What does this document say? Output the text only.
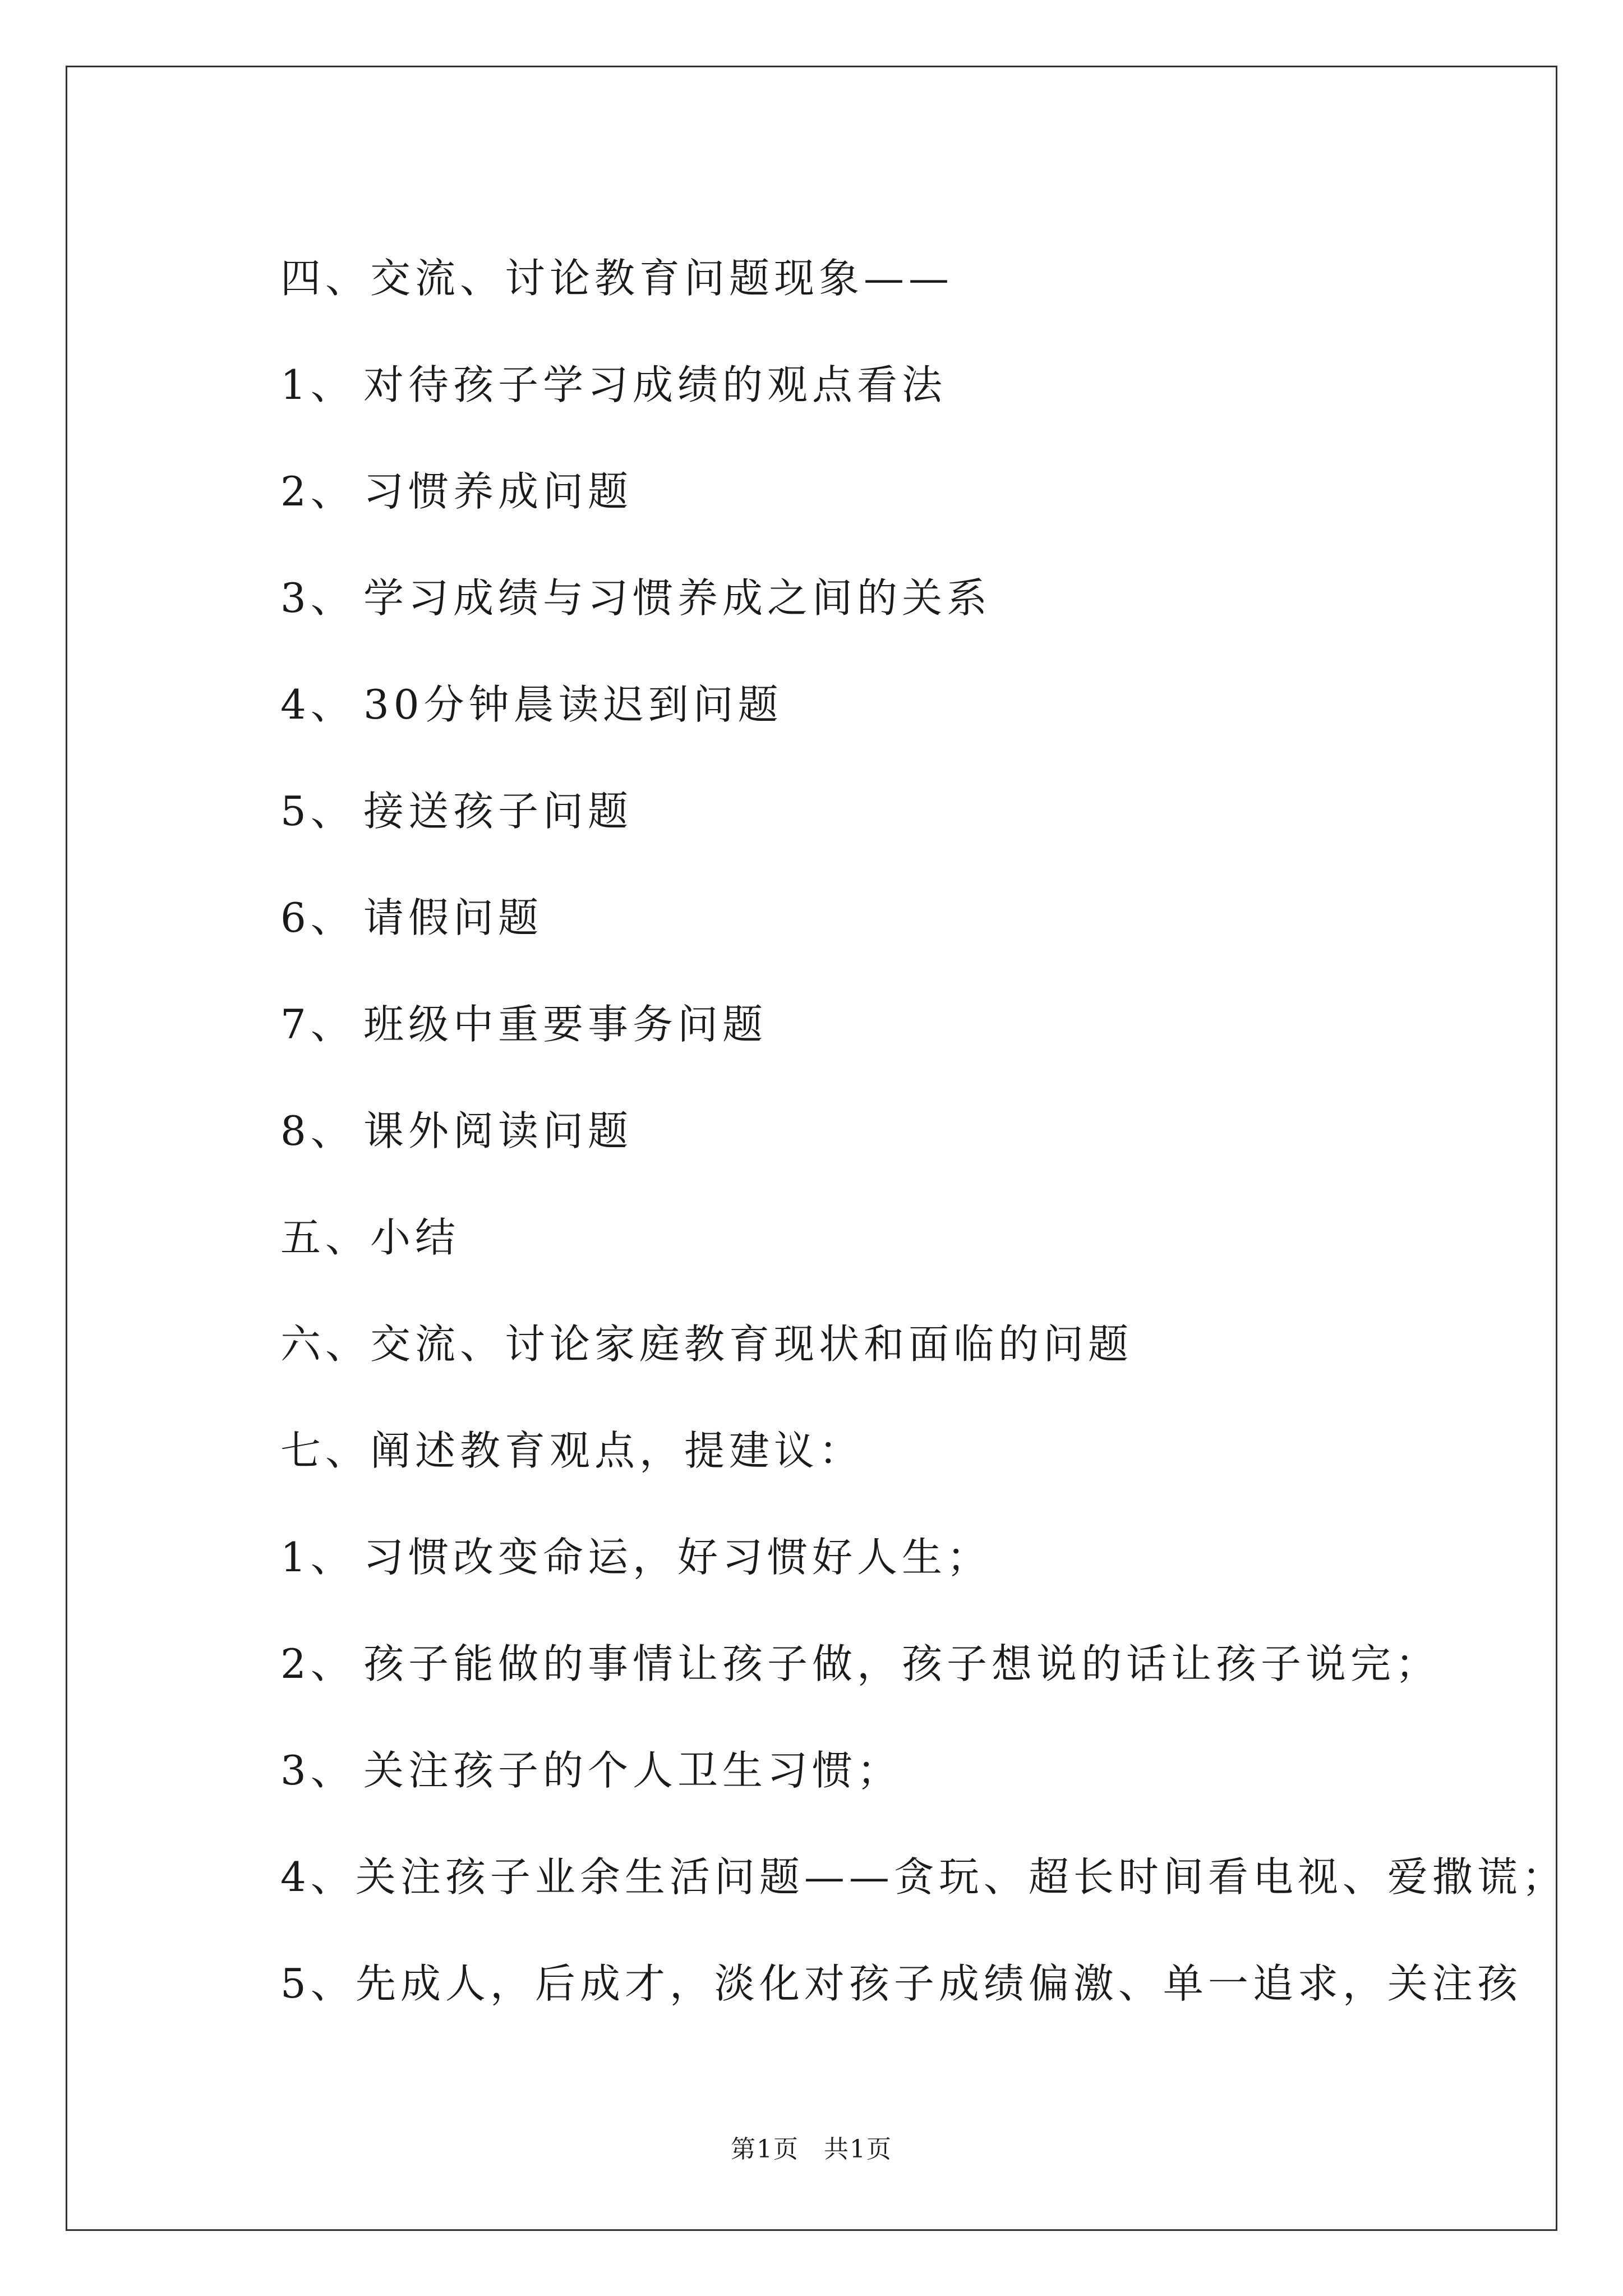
四、交流、讨论教育问题现象——
1、 对待孩子学习成绩的观点看法
2、 习惯养成问题
3、 学习成绩与习惯养成之间的关系
4、 30分钟晨读迟到问题
5、 接送孩子问题
6、 请假问题
7、 班级中重要事务问题
8、 课外阅读问题
五、小结
六、交流、讨论家庭教育现状和面临的问题
七、阐述教育观点，提建议：
1、 习惯改变命运，好习惯好人生；
2、 孩子能做的事情让孩子做，孩子想说的话让孩子说完；
3、 关注孩子的个人卫生习惯；
4、 关注孩子业余生活问题——贪玩、超长时间看电视、爱撒谎；
5、 先成人，后成才，淡化对孩子成绩偏激、单一追求，关注孩
第1页 共1页
